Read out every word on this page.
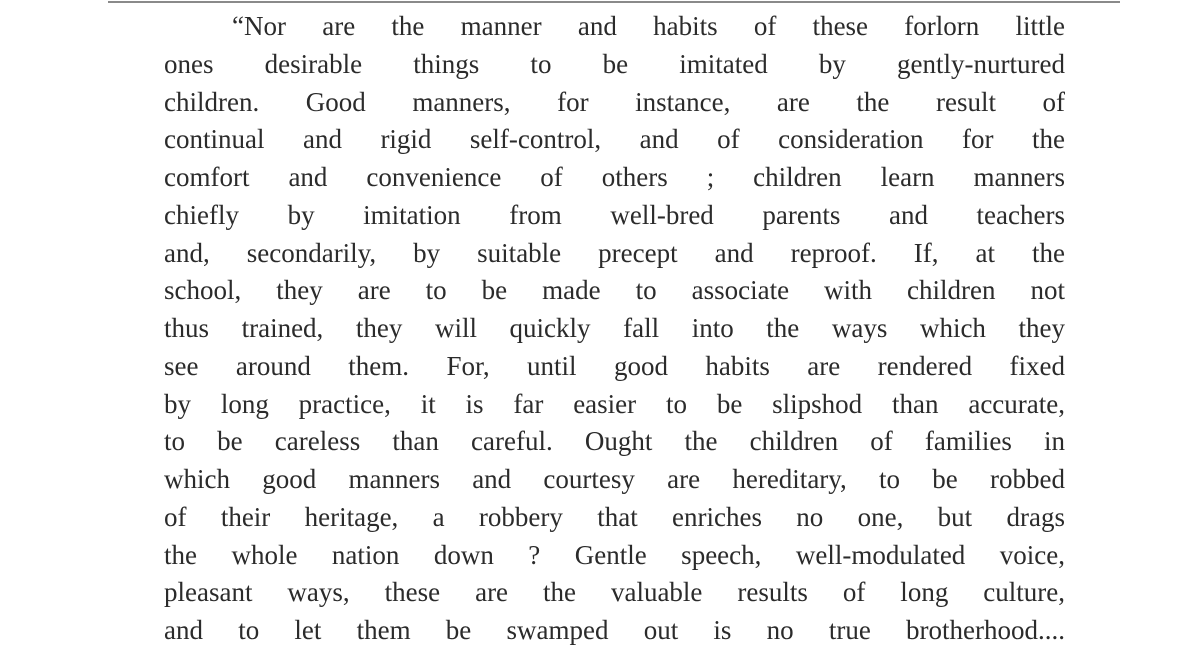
“Nor are the manner and habits of these forlorn little
ones desirable things to be imitated by gently-nurtured
children. Good manners, for instance, are the result of
continual and rigid self-control, and of consideration for the
comfort and convenience of others ; children learn manners
chiefly by imitation from well-bred parents and teachers
and, secondarily, by suitable precept and reproof. If, at the
school, they are to be made to associate with children not
thus trained, they will quickly fall into the ways which they
see around them. For, until good habits are rendered fixed
by long practice, it is far easier to be slipshod than accurate,
to be careless than careful. Ought the children of families in
which good manners and courtesy are hereditary, to be robbed
of their heritage, a robbery that enriches no one, but drags
the whole nation down ? Gentle speech, well-modulated voice,
pleasant ways, these are the valuable results of long culture,
and to let them be swamped out is no true brotherhood....
